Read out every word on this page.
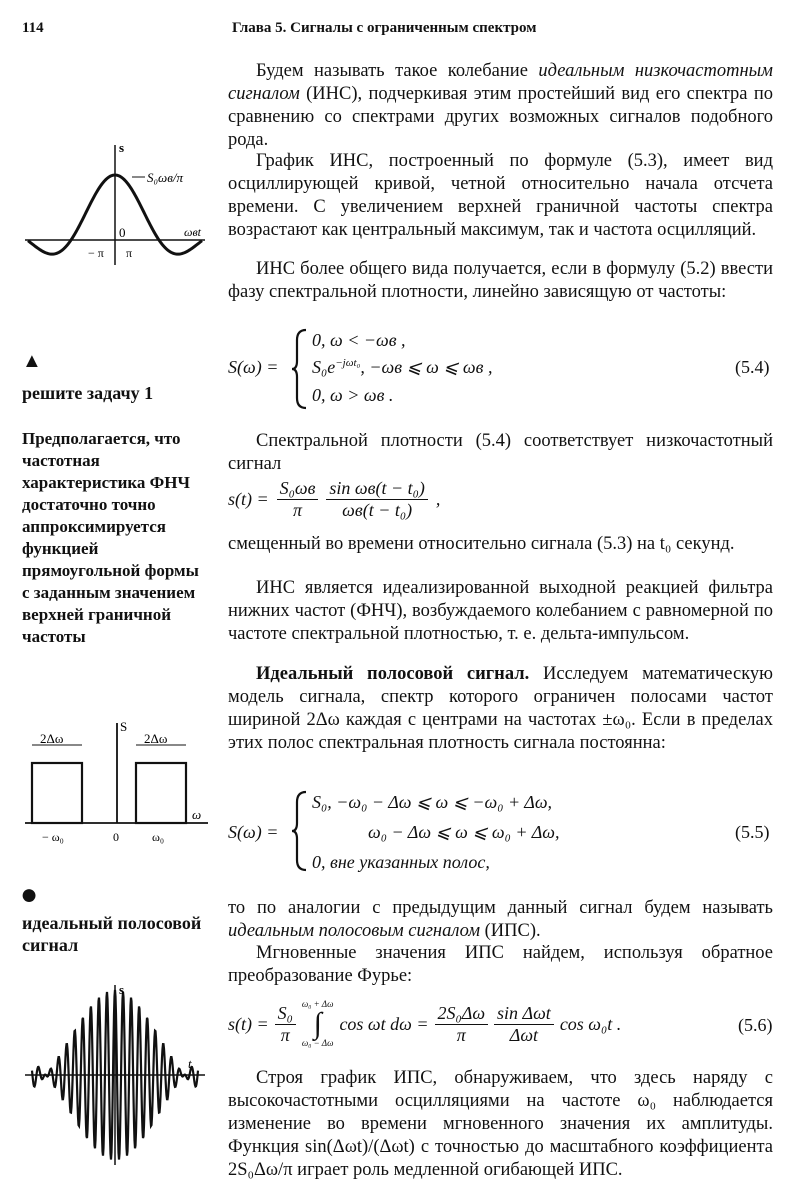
114	Глава 5. Сигналы с ограниченным спектром
Будем называть такое колебание идеальным низкочастотным сигналом (ИНС), подчеркивая этим простейший вид его спектра по сравнению со спектрами других возможных сигналов подобного рода.
График ИНС, построенный по формуле (5.3), имеет вид осциллирующей кривой, четной относительно начала отсчета времени. С увеличением верхней граничной частоты спектра возрастают как центральный максимум, так и частота осцилляций.
ИНС более общего вида получается, если в формулу (5.2) ввести фазу спектральной плотности, линейно зависящую от частоты:
S(ω) =
0, ω < −ωв ,
$S_0e^{-j\omega t_0}$, −ωв ⩽ ω ⩽ ωв ,
0, ω > ωв .
(5.4)
Спектральной плотности (5.4) соответствует низкочастотный сигнал
$s(t) = \frac{\text{S₀ωв}}{\pi} \frac{\text{sin ωв(t − t₀)}}{\text{ωв(t − t₀)}}$ ,
смещенный во времени относительно сигнала (5.3) на t₀ секунд.
ИНС является идеализированной выходной реакцией фильтра нижних частот (ФНЧ), возбуждаемого колебанием с равномерной по частоте спектральной плотностью, т. е. дельта-импульсом.
Идеальный полосовой сигнал. Исследуем математическую модель сигнала, спектр которого ограничен полосами частот шириной 2Δω каждая с центрами на частотах ±ω₀. Если в пределах этих полос спектральная плотность сигнала постоянна:
S(ω) =
S₀, −ω₀ − Δω ⩽ ω ⩽ −ω₀ + Δω,
ω₀ − Δω ⩽ ω ⩽ ω₀ + Δω,
0, вне указанных полос,
(5.5)
то по аналогии с предыдущим данный сигнал будем называть идеальным полосовым сигналом (ИПС).
Мгновенные значения ИПС найдем, используя обратное преобразование Фурье:
$s(t) = \frac{\text{S₀}}{\pi} \omega_0 + \Delta\omega$
∫
ω₀ − Δω
cos ωt $d\omega = \frac{\text{2S₀Δω}}{\pi} \frac{\text{sin Δωt}}{\text{Δωt}}$ cos ω₀t .	(5.6)
Строя график ИПС, обнаруживаем, что здесь наряду с высокочастотными осцилляциями на частоте ω₀ наблюдается изменение во времени мгновенного значения их амплитуды. Функция sin(Δωt)/(Δωt) с точностью до масштабного коэффициента 2S₀Δω/π играет роль медленной огибающей ИПС.
▲
решите задачу 1
Предполагается, что частотная характеристика ФНЧ достаточно точно аппроксимируется функцией прямоугольной формы с заданным значением верхней граничной частоты
●
идеальный полосовой сигнал
s
S₀ωв/π
ωвt
0
− π π
2Δω	2Δω
S
ω
− ω₀	0	ω₀
s
t
